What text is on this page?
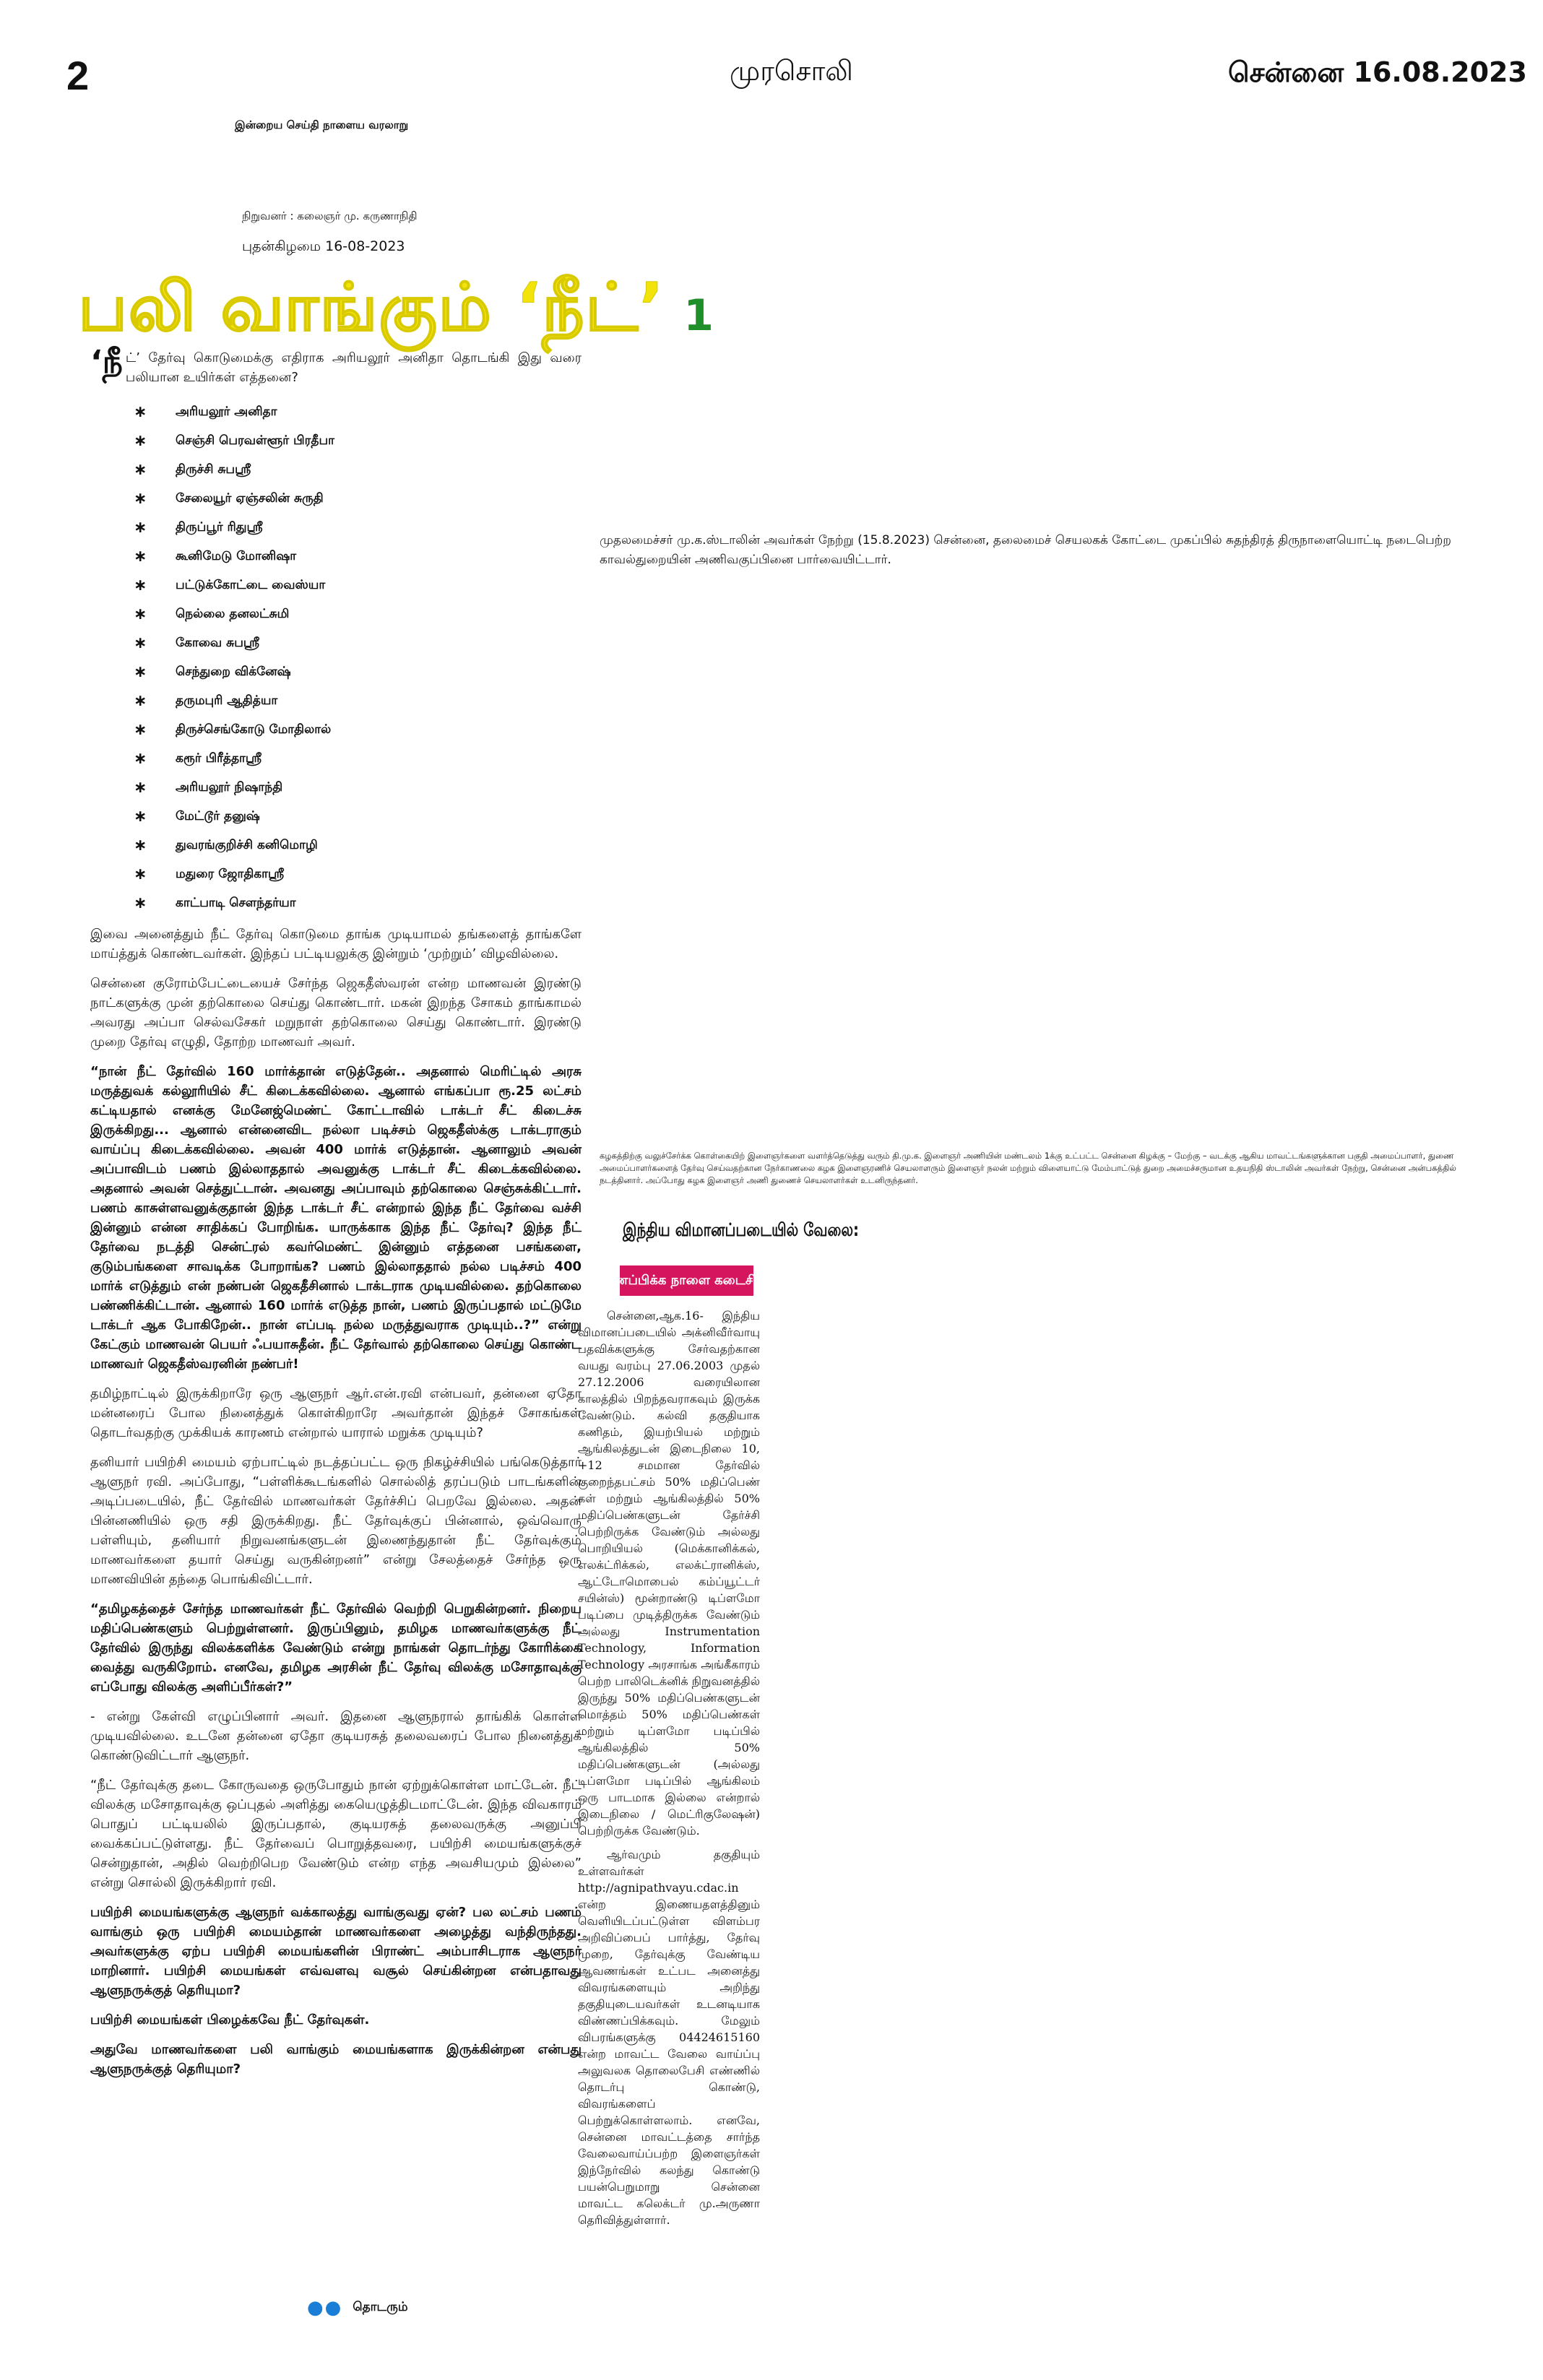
2	முரசொலி	சென்னை 16.08.2023
இன்றைய செய்தி நாளைய வரலாறு
நிறுவனர் : கலைஞர் மு. கருணாநிதி
புதன்கிழமை 16-08-2023
பலி வாங்கும் ‘நீட்’ 1

‘நீட்’ தேர்வு கொடுமைக்கு எதிராக அரியலூர் அனிதா தொடங்கி இது வரை பலியான உயிர்கள் எத்தனை?

∗	அரியலூர் அனிதா
∗	செஞ்சி பெரவள்ளூர் பிரதீபா
∗	திருச்சி சுபஸ்ரீ
∗	சேலையூர் ஏஞ்சலின் சுருதி
∗	திருப்பூர் ரிதுஸ்ரீ
∗	கூனிமேடு மோனிஷா
∗	பட்டுக்கோட்டை வைஸ்யா
∗	நெல்லை தனலட்சுமி
∗	கோவை சுபஸ்ரீ
∗	செந்துறை விக்னேஷ்
∗	தருமபுரி ஆதித்யா
∗	திருச்செங்கோடு மோதிலால்
∗	கரூர் பிரீத்தாஸ்ரீ
∗	அரியலூர் நிஷாந்தி
∗	மேட்டூர் தனுஷ்
∗	துவரங்குறிச்சி கனிமொழி
∗	மதுரை ஜோதிகாஸ்ரீ
∗	காட்பாடி சௌந்தர்யா

இவை அனைத்தும் நீட் தேர்வு கொடுமை தாங்க முடியாமல் தங்களைத் தாங்களே மாய்த்துக் கொண்டவர்கள். இந்தப் பட்டியலுக்கு இன்றும் ‘முற்றும்’ விழவில்லை.

சென்னை குரோம்பேட்டையைச் சேர்ந்த ஜெகதீஸ்வரன் என்ற மாணவன் இரண்டு நாட்களுக்கு முன் தற்கொலை செய்து கொண்டார். மகன் இறந்த சோகம் தாங்காமல் அவரது அப்பா செல்வசேகர் மறுநாள் தற்கொலை செய்து கொண்டார். இரண்டு முறை தேர்வு எழுதி, தோற்ற மாணவர் அவர்.

“நான் நீட் தேர்வில் 160 மார்க்தான் எடுத்தேன்.. அதனால் மெரிட்டில் அரசு மருத்துவக் கல்லூரியில் சீட் கிடைக்கவில்லை. ஆனால் எங்கப்பா ரூ.25 லட்சம் கட்டியதால் எனக்கு மேனேஜ்மெண்ட் கோட்டாவில் டாக்டர் சீட் கிடைச்சு இருக்கிறது... ஆனால் என்னைவிட நல்லா படிச்சம் ஜெகதீஸ்க்கு டாக்டராகும் வாய்ப்பு கிடைக்கவில்லை. அவன் 400 மார்க் எடுத்தான். ஆனாலும் அவன் அப்பாவிடம் பணம் இல்லாததால் அவனுக்கு டாக்டர் சீட் கிடைக்கவில்லை. அதனால் அவன் செத்துட்டான். அவனது அப்பாவும் தற்கொலை செஞ்சுக்கிட்டார். பணம் காசுள்ளவனுக்குதான் இந்த டாக்டர் சீட் என்றால் இந்த நீட் தேர்வை வச்சி இன்னும் என்ன சாதிக்கப் போறிங்க. யாருக்காக இந்த நீட் தேர்வு? இந்த நீட் தேர்வை நடத்தி சென்ட்ரல் கவர்மெண்ட் இன்னும் எத்தனை பசங்களை, குடும்பங்களை சாவடிக்க போறாங்க? பணம் இல்லாததால் நல்ல படிச்சம் 400 மார்க் எடுத்தும் என் நண்பன் ஜெகதீசினால் டாக்டராக முடியவில்லை. தற்கொலை பண்ணிக்கிட்டான். ஆனால் 160 மார்க் எடுத்த நான், பணம் இருப்பதால் மட்டுமே டாக்டர் ஆக போகிறேன்.. நான் எப்படி நல்ல மருத்துவராக முடியும்..?” என்று கேட்கும் மாணவன் பெயர் ஃபயாசுதீன். நீட் தேர்வால் தற்கொலை செய்து கொண்ட மாணவர் ஜெகதீஸ்வரனின் நண்பர்!

தமிழ்நாட்டில் இருக்கிறாரே ஒரு ஆளுநர் ஆர்.என்.ரவி என்பவர், தன்னை ஏதோ மன்னரைப் போல நினைத்துக் கொள்கிறாரே அவர்தான் இந்தச் சோகங்கள் தொடர்வதற்கு முக்கியக் காரணம் என்றால் யாரால் மறுக்க முடியும்?

தனியார் பயிற்சி மையம் ஏற்பாட்டில் நடத்தப்பட்ட ஒரு நிகழ்ச்சியில் பங்கெடுத்தார் ஆளுநர் ரவி. அப்போது, “பள்ளிக்கூடங்களில் சொல்லித் தரப்படும் பாடங்களின் அடிப்படையில், நீட் தேர்வில் மாணவர்கள் தேர்ச்சிப் பெறவே இல்லை. அதன் பின்னணியில் ஒரு சதி இருக்கிறது. நீட் தேர்வுக்குப் பின்னால், ஒவ்வொரு பள்ளியும், தனியார் நிறுவனங்களுடன் இணைந்துதான் நீட் தேர்வுக்கும் மாணவர்களை தயார் செய்து வருகின்றனர்” என்று சேலத்தைச் சேர்ந்த ஒரு மாணவியின் தந்தை பொங்கிவிட்டார்.

“தமிழகத்தைச் சேர்ந்த மாணவர்கள் நீட் தேர்வில் வெற்றி பெறுகின்றனர். நிறைய மதிப்பெண்களும் பெற்றுள்ளனர். இருப்பினும், தமிழக மாணவர்களுக்கு நீட் தேர்வில் இருந்து விலக்களிக்க வேண்டும் என்று நாங்கள் தொடர்ந்து கோரிக்கை வைத்து வருகிறோம். எனவே, தமிழக அரசின் நீட் தேர்வு விலக்கு மசோதாவுக்கு எப்போது விலக்கு அளிப்பீர்கள்?”

- என்று கேள்வி எழுப்பினார் அவர். இதனை ஆளுநரால் தாங்கிக் கொள்ள முடியவில்லை. உடனே தன்னை ஏதோ குடியரசுத் தலைவரைப் போல நினைத்துக் கொண்டுவிட்டார் ஆளுநர்.

“நீட் தேர்வுக்கு தடை கோருவதை ஒருபோதும் நான் ஏற்றுக்கொள்ள மாட்டேன். நீட் விலக்கு மசோதாவுக்கு ஒப்புதல் அளித்து கையெழுத்திடமாட்டேன். இந்த விவகாரம் பொதுப் பட்டியலில் இருப்பதால், குடியரசுத் தலைவருக்கு அனுப்பி வைக்கப்பட்டுள்ளது. நீட் தேர்வைப் பொறுத்தவரை, பயிற்சி மையங்களுக்குச் சென்றுதான், அதில் வெற்றிபெற வேண்டும் என்ற எந்த அவசியமும் இல்லை” என்று சொல்லி இருக்கிறார் ரவி.

பயிற்சி மையங்களுக்கு ஆளுநர் வக்காலத்து வாங்குவது ஏன்? பல லட்சம் பணம் வாங்கும் ஒரு பயிற்சி மையம்தான் மாணவர்களை அழைத்து வந்திருந்தது. அவர்களுக்கு ஏற்ப பயிற்சி மையங்களின் பிராண்ட் அம்பாசிடராக ஆளுநர் மாறினார். பயிற்சி மையங்கள் எவ்வளவு வசூல் செய்கின்றன என்பதாவது ஆளுநருக்குத் தெரியுமா?

பயிற்சி மையங்கள் பிழைக்கவே நீட் தேர்வுகள்.

அதுவே மாணவர்களை பலி வாங்கும் மையங்களாக இருக்கின்றன என்பது ஆளுநருக்குத் தெரியுமா?

●● தொடரும்
முதலமைச்சர் மு.க.ஸ்டாலின் அவர்கள் நேற்று (15.8.2023) சென்னை, தலைமைச் செயலகக் கோட்டை முகப்பில் சுதந்திரத் திருநாளையொட்டி நடைபெற்ற காவல்துறையின் அணிவகுப்பினை பார்வையிட்டார்.
கழகத்திற்கு வலுச்சேர்க்க கொள்கையிற் இளைஞர்களை வளர்த்தெடுத்து வரும் தி.மு.க. இளைஞர் அணியின் மண்டலம் 1க்கு உட்பட்ட சென்னை கிழக்கு – மேற்கு – வடக்கு ஆகிய மாவட்டங்களுக்கான பகுதி அமைப்பாளர், துணை அமைப்பாளர்களைத் தேர்வு செய்வதற்கான நேர்காணலை கழக இளைஞரணிச் செயலாளரும் இளைஞர் நலன் மற்றும் விளையாட்டு மேம்பாட்டுத் துறை அமைச்சருமான உதயநிதி ஸ்டாலின் அவர்கள் நேற்று, சென்னை அன்பகத்தில் நடத்தினார். அப்போது கழக இளைஞர் அணி துணைச் செயலாளர்கள் உடனிருந்தனர்.
இந்திய விமானப்படையில் வேலை:
விண்ணப்பிக்க நாளை கடைசி நாள்!

சென்னை,ஆக.16- இந்திய விமானப்படையில் அக்னிவீர்வாயு பதவிக்களுக்கு சேர்வதற்கான வயது வரம்பு 27.06.2003 முதல் 27.12.2006 வரையிலான காலத்தில் பிறந்தவராகவும் இருக்க வேண்டும். கல்வி தகுதியாக கணிதம், இயற்பியல் மற்றும் ஆங்கிலத்துடன் இடைநிலை 10, +12 சமமான தேர்வில் குறைந்தபட்சம் 50% மதிப்பெண் கள் மற்றும் ஆங்கிலத்தில் 50% மதிப்பெண்களுடன் தேர்ச்சி பெற்றிருக்க வேண்டும் அல்லது பொறியியல் (மெக்கானிக்கல், எலக்ட்ரிக்கல், எலக்ட்ரானிக்ஸ், ஆட்டோமொபைல் கம்ப்யூட்டர் சயின்ஸ்) மூன்றாண்டு டிப்ளமோ படிப்பை முடித்திருக்க வேண்டும் அல்லது Instrumentation Technology, Information Technology அரசாங்க அங்கீகாரம் பெற்ற பாலிடெக்னிக் நிறுவனத்தில் இருந்து 50% மதிப்பெண்களுடன் மொத்தம் 50% மதிப்பெண்கள் மற்றும் டிப்ளமோ படிப்பில் ஆங்கிலத்தில் 50% மதிப்பெண்களுடன் (அல்லது டிப்ளமோ படிப்பில் ஆங்கிலம் ஒரு பாடமாக இல்லை என்றால் இடைநிலை / மெட்ரிகுலேஷன்) பெற்றிருக்க வேண்டும்.

ஆர்வமும் தகுதியும் உள்ளவர்கள் http://agnipathvayu.cdac.in என்ற இணையதளத்தினும் வெளியிடப்பட்டுள்ள விளம்பர அறிவிப்பைப் பார்த்து, தேர்வு முறை, தேர்வுக்கு வேண்டிய ஆவணங்கள் உட்பட அனைத்து விவரங்களையும் அறிந்து தகுதியுடையவர்கள் உடனடியாக விண்ணப்பிக்கவும். மேலும் விபரங்களுக்கு 04424615160 என்ற மாவட்ட வேலை வாய்ப்பு அலுவலக தொலைபேசி எண்ணில் தொடர்பு கொண்டு, விவரங்களைப் பெற்றுக்கொள்ளலாம். எனவே, சென்னை மாவட்டத்தை சார்ந்த வேலைவாய்ப்பற்ற இளைஞர்கள் இந்நேர்வில் கலந்து கொண்டு பயன்பெறுமாறு சென்னை மாவட்ட கலெக்டர் மு.அருணா தெரிவித்துள்ளார்.
